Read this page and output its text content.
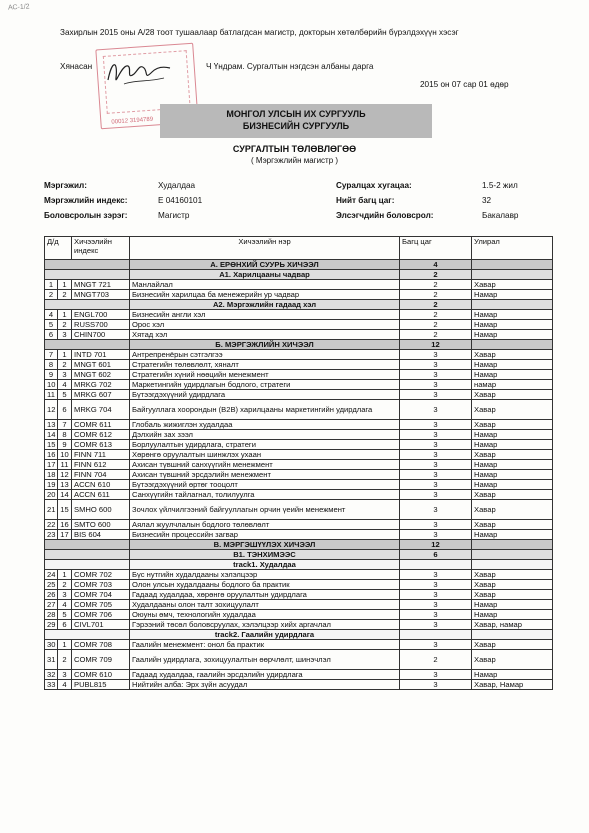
АС-1/2
Захирлын 2015 оны А/28 тоот тушаалаар батлагдсан магистр, докторын хөтөлбөрийн бүрэлдэхүүн хэсэг
Хянасан
00012 3194789
Ч Үндрам. Сургалтын нэгдсэн албаны дарга
2015 он 07 сар 01 өдөр
МОНГОЛ УЛСЫН ИХ СУРГУУЛЬ
БИЗНЕСИЙН СУРГУУЛЬ
СУРГАЛТЫН ТӨЛӨВЛӨГӨӨ
( Мэргэжлийн магистр )
Мэргэжил:	Худалдаа
Мэргэжлийн индекс:	Е 04160101
Боловсролын зэрэг:	Магистр
Суралцах хугацаа:	1.5-2 жил
Нийт багц цаг:	32
Элсэгчдийн боловсрол:	Бакалавр
Д/д		Хичээлийн индекс	Хичээлийн нэр	Багц цаг	Улирал
			А. ЕРӨНХИЙ СУУРЬ ХИЧЭЭЛ	4	
			А1. Харилцааны чадвар	2	
1	1	MNGT 721	Манлайлал	2	Хавар
2	2	MNGT703	Бизнесийн харилцаа ба менежерийн ур чадвар	2	Намар
			А2. Мэргэжлийн гадаад хэл	2	
4	1	ENGL700	Бизнесийн англи хэл	2	Намар
5	2	RUSS700	Орос хэл	2	Намар
6	3	CHIN700	Хятад хэл	2	Намар
			Б. МЭРГЭЖЛИЙН ХИЧЭЭЛ	12	
7	1	INTD 701	Антрепренёрын сэтгэлгээ	3	Хавар
8	2	MNGT 601	Стратегийн төлөвлөлт, хяналт	3	Намар
9	3	MNGT 602	Стратегийн хүний нөөцийн менежмент	3	Намар
10	4	MRKG 702	Маркетингийн удирдлагын бодлого, стратеги	3	намар
11	5	MRKG 607	Бүтээгдэхүүний удирдлага	3	Хавар
12	6	MRKG 704	Байгууллага хоорондын (B2B) харилцааны маркетингийн удирдлага	3	Хавар
13	7	COMR 611	Глобаль жижиглэн худалдаа	3	Хавар
14	8	COMR 612	Дэлхийн зах зээл	3	Намар
15	9	COMR 613	Борлуулалтын удирдлага, стратеги	3	Намар
16	10	FINN 711	Хөрөнгө оруулалтын шинжлэх ухаан	3	Хавар
17	11	FINN 612	Ахисан түвшний санхүүгийн менежмент	3	Намар
18	12	FINN 704	Ахисан түвшний эрсдэлийн менежмент	3	Намар
19	13	ACCN 610	Бүтээгдэхүүний өртөг тооцолт	3	Намар
20	14	ACCN 611	Санхүүгийн тайлагнал, толилуулга	3	Хавар
21	15	SMHO 600	Зочлох үйлчилгээний байгууллагын орчин үеийн менежмент	3	Хавар
22	16	SMTO 600	Аялал жуулчлалын бодлого төлөвлөлт	3	Хавар
23	17	BIS 604	Бизнесийн процессийн загвар	3	Намар
			В. МЭРГЭШҮҮЛЭХ ХИЧЭЭЛ	12	
			В1. ТЭНХИМЭЭС	6	
			track1. Худалдаа		
24	1	COMR 702	Бүс нутгийн худалдааны хэлэлцээр	3	Хавар
25	2	COMR 703	Олон улсын худалдааны бодлого ба практик	3	Хавар
26	3	COMR 704	Гадаад худалдаа, хөрөнгө оруулалтын удирдлага	3	Хавар
27	4	COMR 705	Худалдааны олон талт зохицуулалт	3	Намар
28	5	COMR 706	Оюуны өмч, технологийн худалдаа	3	Намар
29	6	CIVL701	Гэрээний төсөл боловсруулах, хэлэлцээр хийх аргачлал	3	Хавар, намар
			track2. Гаалийн удирдлага		
30	1	COMR 708	Гаалийн менежмент: онол ба практик	3	Хавар
31	2	COMR 709	Гаалийн удирдлага, зохицуулалтын өөрчлөлт, шинэчлэл	2	Хавар
32	3	COMR 610	Гадаад худалдаа, гаалийн эрсдэлийн удирдлага	3	Намар
33	4	PUBL815	Нийтийн алба: Эрх зүйн асуудал	3	Хавар, Намар
